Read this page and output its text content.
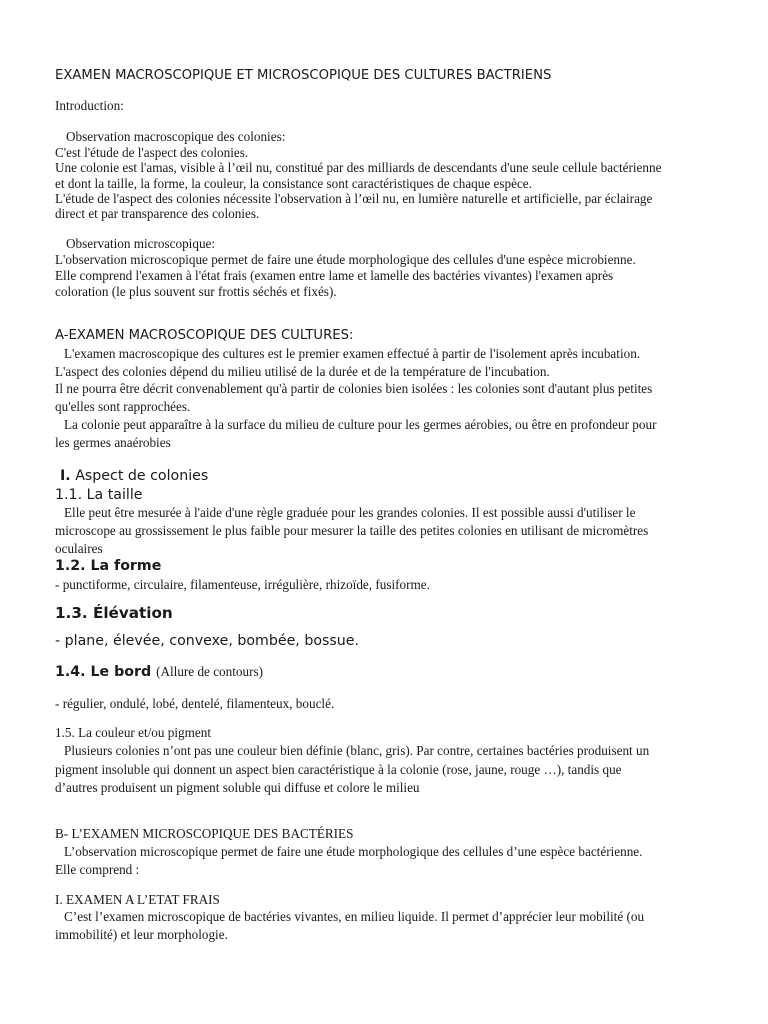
EXAMEN MACROSCOPIQUE ET MICROSCOPIQUE DES CULTURES BACTRIENS
Introduction:
Observation macroscopique des colonies:
C'est l'étude de l'aspect des colonies.
Une colonie est l'amas, visible à l’œil nu, constitué par des milliards de descendants d'une seule cellule bactérienne
et dont la taille, la forme, la couleur, la consistance sont caractéristiques de chaque espèce.
L'étude de l'aspect des colonies nécessite l'observation à l’œil nu, en lumière naturelle et artificielle, par éclairage
direct et par transparence des colonies.
Observation microscopique:
L'observation microscopique permet de faire une étude morphologique des cellules d'une espèce microbienne.
Elle comprend l'examen à l'état frais (examen entre lame et lamelle des bactéries vivantes) l'examen après
coloration (le plus souvent sur frottis séchés et fixés).
A-EXAMEN MACROSCOPIQUE DES CULTURES:
L'examen macroscopique des cultures est le premier examen effectué à partir de l'isolement après incubation.
L'aspect des colonies dépend du milieu utilisé de la durée et de la température de l'incubation.
Il ne pourra être décrit convenablement qu'à partir de colonies bien isolées : les colonies sont d'autant plus petites
qu'elles sont rapprochées.
La colonie peut apparaître à la surface du milieu de culture pour les germes aérobies, ou être en profondeur pour
les germes anaérobies
I. Aspect de colonies
1.1. La taille
Elle peut être mesurée à l'aide d'une règle graduée pour les grandes colonies. Il est possible aussi d'utiliser le
microscope au grossissement le plus faible pour mesurer la taille des petites colonies en utilisant de micromètres
oculaires
1.2. La forme
- punctiforme, circulaire, filamenteuse, irrégulière, rhizoïde, fusiforme.
1.3. Élévation
- plane, élevée, convexe, bombée, bossue.
1.4. Le bord (Allure de contours)
- régulier, ondulé, lobé, dentelé, filamenteux, bouclé.
1.5. La couleur et/ou pigment
Plusieurs colonies n’ont pas une couleur bien définie (blanc, gris). Par contre, certaines bactéries produisent un
pigment insoluble qui donnent un aspect bien caractéristique à la colonie (rose, jaune, rouge …), tandis que
d’autres produisent un pigment soluble qui diffuse et colore le milieu
B- L’EXAMEN MICROSCOPIQUE DES BACTÉRIES
L’observation microscopique permet de faire une étude morphologique des cellules d’une espèce bactérienne.
Elle comprend :
I. EXAMEN A L’ETAT FRAIS
C’est l’examen microscopique de bactéries vivantes, en milieu liquide. Il permet d’apprécier leur mobilité (ou
immobilité) et leur morphologie.
